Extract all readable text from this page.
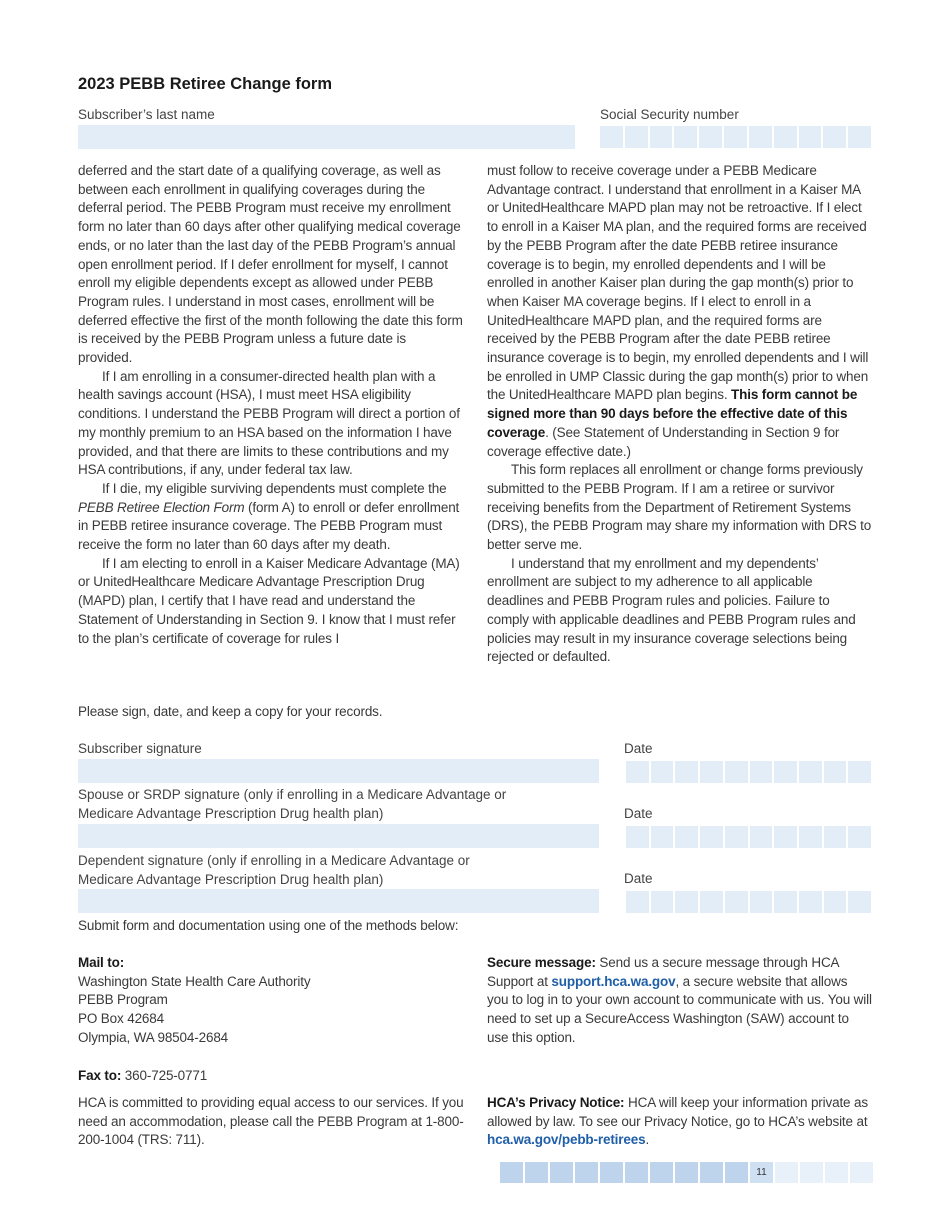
2023 PEBB Retiree Change form
Subscriber’s last name	Social Security number

deferred and the start date of a qualifying coverage, as well as between each enrollment in qualifying coverages during the deferral period. The PEBB Program must receive my enrollment form no later than 60 days after other qualifying medical coverage ends, or no later than the last day of the PEBB Program’s annual open enrollment period. If I defer enrollment for myself, I cannot enroll my eligible dependents except as allowed under PEBB Program rules. I understand in most cases, enrollment will be deferred effective the first of the month following the date this form is received by the PEBB Program unless a future date is provided.

If I am enrolling in a consumer-directed health plan with a health savings account (HSA), I must meet HSA eligibility conditions. I understand the PEBB Program will direct a portion of my monthly premium to an HSA based on the information I have provided, and that there are limits to these contributions and my HSA contributions, if any, under federal tax law.

If I die, my eligible surviving dependents must complete the PEBB Retiree Election Form (form A) to enroll or defer enrollment in PEBB retiree insurance coverage. The PEBB Program must receive the form no later than 60 days after my death.

If I am electing to enroll in a Kaiser Medicare Advantage (MA) or UnitedHealthcare Medicare Advantage Prescription Drug (MAPD) plan, I certify that I have read and understand the Statement of Understanding in Section 9. I know that I must refer to the plan’s certificate of coverage for rules I

must follow to receive coverage under a PEBB Medicare Advantage contract. I understand that enrollment in a Kaiser MA or UnitedHealthcare MAPD plan may not be retroactive. If I elect to enroll in a Kaiser MA plan, and the required forms are received by the PEBB Program after the date PEBB retiree insurance coverage is to begin, my enrolled dependents and I will be enrolled in another Kaiser plan during the gap month(s) prior to when Kaiser MA coverage begins. If I elect to enroll in a UnitedHealthcare MAPD plan, and the required forms are received by the PEBB Program after the date PEBB retiree insurance coverage is to begin, my enrolled dependents and I will be enrolled in UMP Classic during the gap month(s) prior to when the UnitedHealthcare MAPD plan begins. This form cannot be signed more than 90 days before the effective date of this coverage. (See Statement of Understanding in Section 9 for coverage effective date.)

This form replaces all enrollment or change forms previously submitted to the PEBB Program. If I am a retiree or survivor receiving benefits from the Department of Retirement Systems (DRS), the PEBB Program may share my information with DRS to better serve me.

I understand that my enrollment and my dependents’ enrollment are subject to my adherence to all applicable deadlines and PEBB Program rules and policies. Failure to comply with applicable deadlines and PEBB Program rules and policies may result in my insurance coverage selections being rejected or defaulted.

Please sign, date, and keep a copy for your records.
Subscriber signature	Date
Spouse or SRDP signature (only if enrolling in a Medicare Advantage or
Medicare Advantage Prescription Drug health plan)	Date
Dependent signature (only if enrolling in a Medicare Advantage or
Medicare Advantage Prescription Drug health plan)	Date
Submit form and documentation using one of the methods below:
Mail to:
Washington State Health Care Authority
PEBB Program
PO Box 42684
Olympia, WA 98504-2684
Fax to: 360-725-0771
HCA is committed to providing equal access to our services. If you need an accommodation, please call the PEBB Program at 1-800-200-1004 (TRS: 711).
Secure message: Send us a secure message through HCA Support at support.hca.wa.gov, a secure website that allows you to log in to your own account to communicate with us. You will need to set up a SecureAccess Washington (SAW) account to use this option.
HCA’s Privacy Notice: HCA will keep your information private as allowed by law. To see our Privacy Notice, go to HCA’s website at hca.wa.gov/pebb-retirees.
11
